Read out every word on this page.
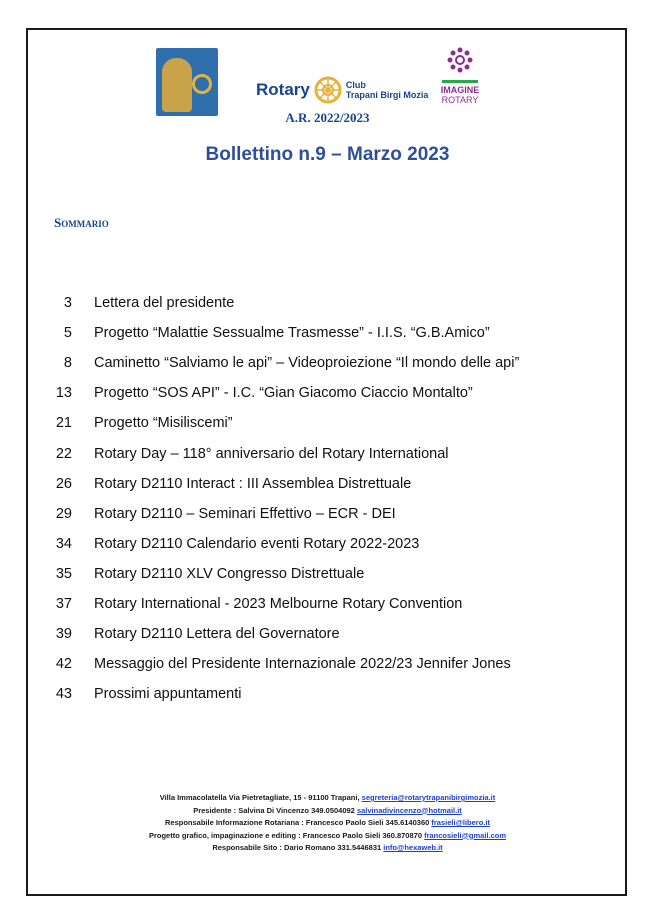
Rotary	Club
Trapani Birgi Mozia
A.R. 2022/2023
IMAGINE
ROTARY
Bollettino n.9 – Marzo 2023
Sommario
3 Lettera del presidente
5 Progetto “Malattie Sessualme Trasmesse” - I.I.S. “G.B.Amico”
8 Caminetto “Salviamo le api” – Videoproiezione “Il mondo delle api”
13 Progetto “SOS API” - I.C. “Gian Giacomo Ciaccio Montalto”
21 Progetto “Misiliscemi”
22 Rotary Day – 118° anniversario del Rotary International
26 Rotary D2110 Interact : III Assemblea Distrettuale
29 Rotary D2110 – Seminari Effettivo – ECR - DEI
34 Rotary D2110 Calendario eventi Rotary 2022-2023
35 Rotary D2110 XLV Congresso Distrettuale
37 Rotary International - 2023 Melbourne Rotary Convention
39 Rotary D2110 Lettera del Governatore
42 Messaggio del Presidente Internazionale 2022/23 Jennifer Jones
43 Prossimi appuntamenti
Villa Immacolatella Via Pietretagliate, 15 - 91100 Trapani, segreteria@rotarytrapanibirgimozia.it
Presidente : Salvina Di Vincenzo 349.0504092 salvinadivincenzo@hotmail.it
Responsabile Informazione Rotariana : Francesco Paolo Sieli 345.6140360 frasieli@libero.it
Progetto grafico, impaginazione e editing : Francesco Paolo Sieli 360.870870 francosieli@gmail.com
Responsabile Sito : Dario Romano 331.5446831 info@hexaweb.it
